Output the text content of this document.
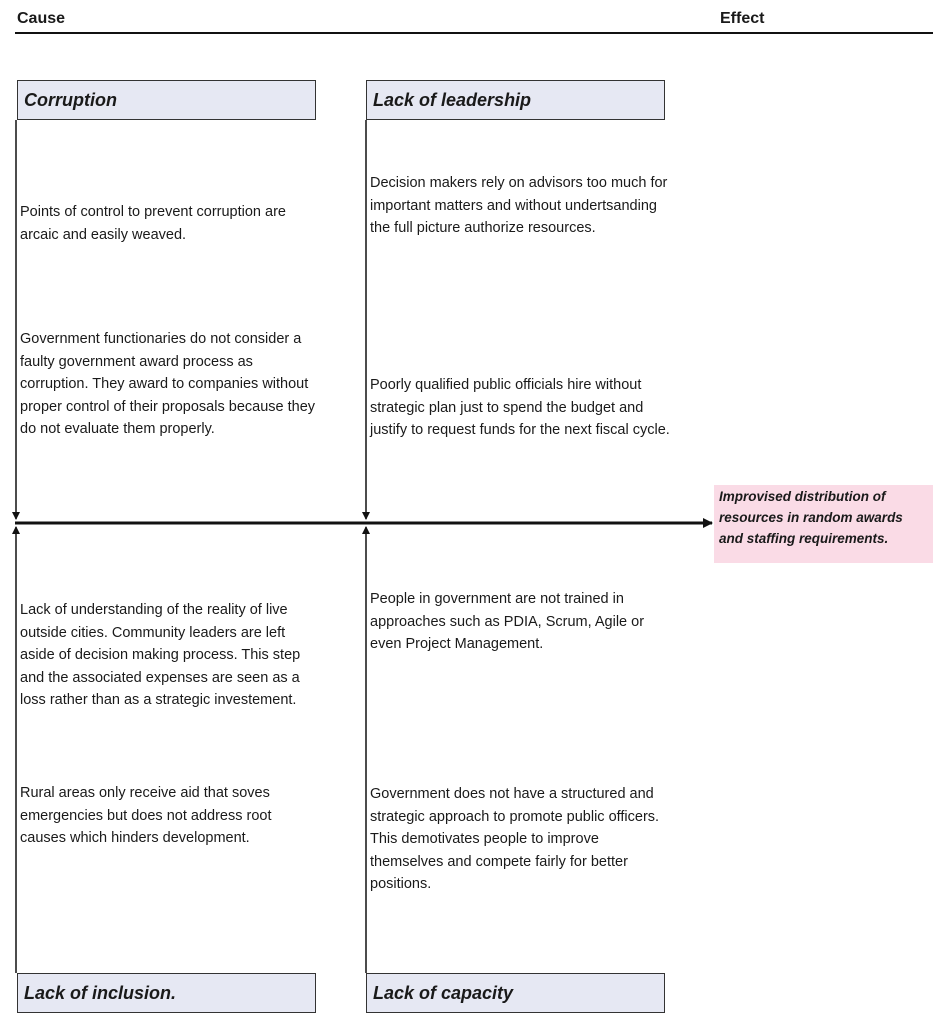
Cause	Effect
Corruption	Lack of leadership
Lack of inclusion.	Lack of capacity
Points of control to prevent corruption are arcaic and easily weaved.
Government functionaries do not consider a faulty government award process as corruption. They award to companies without proper control of their proposals because they do not evaluate them properly.
Decision makers rely on advisors too much for important matters and without undertsanding the full picture authorize resources.
Poorly qualified public officials hire without strategic plan just to spend the budget and justify to request funds for the next fiscal cycle.
Lack of understanding of the reality of live outside cities. Community leaders are left aside of decision making process. This step and the associated expenses are seen as a loss rather than as a strategic investement.
Rural areas only receive aid that soves emergencies but does not address root causes which hinders development.
People in government are not trained in approaches such as PDIA, Scrum, Agile or even Project Management.
Government does not have a structured and strategic approach to promote public officers. This demotivates people to improve themselves and compete fairly for better positions.
Improvised distribution of resources in random awards and staffing requirements.
